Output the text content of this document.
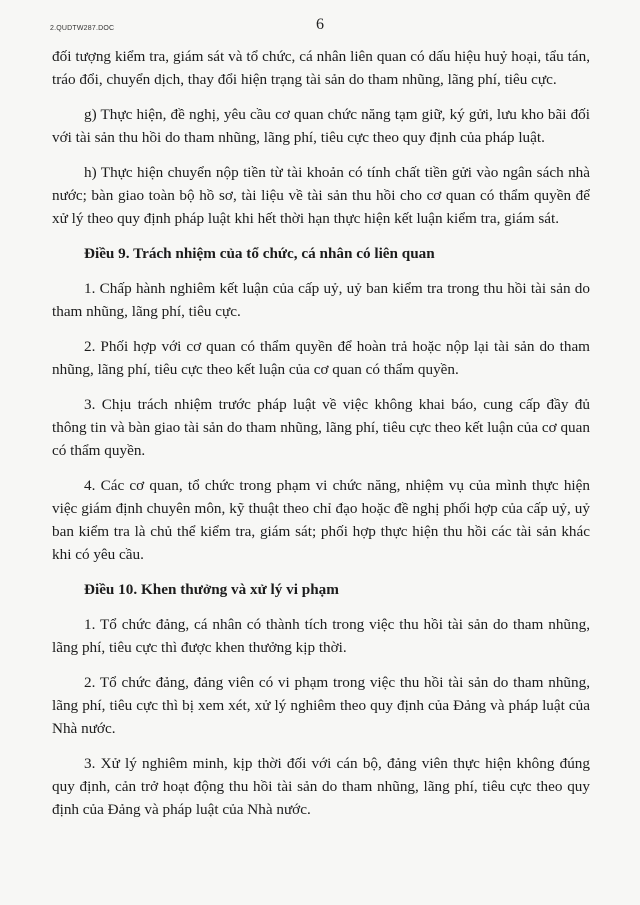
2.QUDTW287.DOC	6

đối tượng kiểm tra, giám sát và tổ chức, cá nhân liên quan có dấu hiệu huỷ hoại, tẩu tán, tráo đổi, chuyển dịch, thay đổi hiện trạng tài sản do tham nhũng, lãng phí, tiêu cực.

g) Thực hiện, đề nghị, yêu cầu cơ quan chức năng tạm giữ, ký gửi, lưu kho bãi đối với tài sản thu hồi do tham nhũng, lãng phí, tiêu cực theo quy định của pháp luật.

h) Thực hiện chuyển nộp tiền từ tài khoản có tính chất tiền gửi vào ngân sách nhà nước; bàn giao toàn bộ hồ sơ, tài liệu về tài sản thu hồi cho cơ quan có thẩm quyền để xử lý theo quy định pháp luật khi hết thời hạn thực hiện kết luận kiểm tra, giám sát.

Điều 9. Trách nhiệm của tổ chức, cá nhân có liên quan

1. Chấp hành nghiêm kết luận của cấp uỷ, uỷ ban kiểm tra trong thu hồi tài sản do tham nhũng, lãng phí, tiêu cực.

2. Phối hợp với cơ quan có thẩm quyền để hoàn trả hoặc nộp lại tài sản do tham nhũng, lãng phí, tiêu cực theo kết luận của cơ quan có thẩm quyền.

3. Chịu trách nhiệm trước pháp luật về việc không khai báo, cung cấp đầy đủ thông tin và bàn giao tài sản do tham nhũng, lãng phí, tiêu cực theo kết luận của cơ quan có thẩm quyền.

4. Các cơ quan, tổ chức trong phạm vi chức năng, nhiệm vụ của mình thực hiện việc giám định chuyên môn, kỹ thuật theo chỉ đạo hoặc đề nghị phối hợp của cấp uỷ, uỷ ban kiểm tra là chủ thể kiểm tra, giám sát; phối hợp thực hiện thu hồi các tài sản khác khi có yêu cầu.

Điều 10. Khen thưởng và xử lý vi phạm

1. Tổ chức đảng, cá nhân có thành tích trong việc thu hồi tài sản do tham nhũng, lãng phí, tiêu cực thì được khen thưởng kịp thời.

2. Tổ chức đảng, đảng viên có vi phạm trong việc thu hồi tài sản do tham nhũng, lãng phí, tiêu cực thì bị xem xét, xử lý nghiêm theo quy định của Đảng và pháp luật của Nhà nước.

3. Xử lý nghiêm minh, kịp thời đối với cán bộ, đảng viên thực hiện không đúng quy định, cản trở hoạt động thu hồi tài sản do tham nhũng, lãng phí, tiêu cực theo quy định của Đảng và pháp luật của Nhà nước.
